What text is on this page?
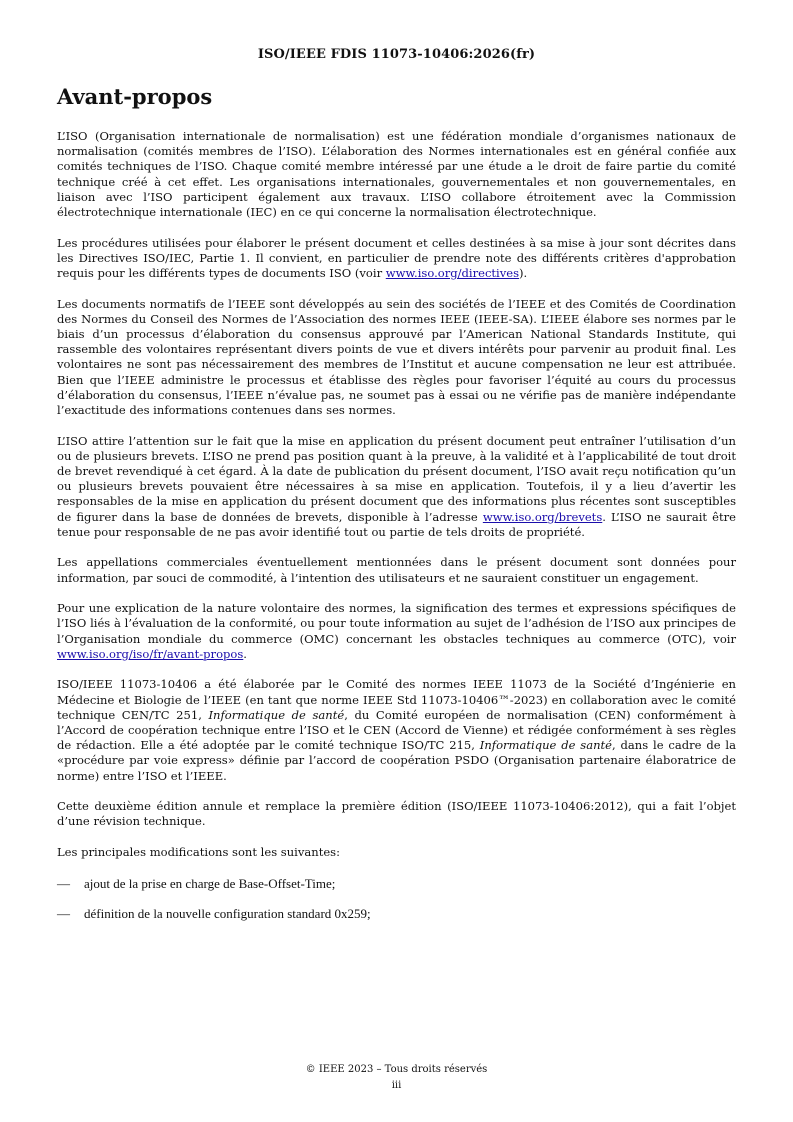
ISO/IEEE FDIS 11073-10406:2026(fr)
Avant-propos

L’ISO (Organisation internationale de normalisation) est une fédération mondiale d’organismes nationaux de normalisation (comités membres de l’ISO). L’élaboration des Normes internationales est en général confiée aux comités techniques de l’ISO. Chaque comité membre intéressé par une étude a le droit de faire partie du comité technique créé à cet effet. Les organisations internationales, gouvernementales et non gouvernementales, en liaison avec l’ISO participent également aux travaux. L’ISO collabore étroitement avec la Commission électrotechnique internationale (IEC) en ce qui concerne la normalisation électrotechnique.

Les procédures utilisées pour élaborer le présent document et celles destinées à sa mise à jour sont décrites dans les Directives ISO/IEC, Partie 1. Il convient, en particulier de prendre note des différents critères d'approbation requis pour les différents types de documents ISO (voir www.iso.org/directives).

Les documents normatifs de l’IEEE sont développés au sein des sociétés de l’IEEE et des Comités de Coordination des Normes du Conseil des Normes de l’Association des normes IEEE (IEEE-SA). L’IEEE élabore ses normes par le biais d’un processus d’élaboration du consensus approuvé par l’American National Standards Institute, qui rassemble des volontaires représentant divers points de vue et divers intérêts pour parvenir au produit final. Les volontaires ne sont pas nécessairement des membres de l’Institut et aucune compensation ne leur est attribuée. Bien que l’IEEE administre le processus et établisse des règles pour favoriser l’équité au cours du processus d’élaboration du consensus, l’IEEE n’évalue pas, ne soumet pas à essai ou ne vérifie pas de manière indépendante l’exactitude des informations contenues dans ses normes.

L’ISO attire l’attention sur le fait que la mise en application du présent document peut entraîner l’utilisation d’un ou de plusieurs brevets. L’ISO ne prend pas position quant à la preuve, à la validité et à l’applicabilité de tout droit de brevet revendiqué à cet égard. À la date de publication du présent document, l’ISO avait reçu notification qu’un ou plusieurs brevets pouvaient être nécessaires à sa mise en application. Toutefois, il y a lieu d’avertir les responsables de la mise en application du présent document que des informations plus récentes sont susceptibles de figurer dans la base de données de brevets, disponible à l’adresse www.iso.org/brevets. L’ISO ne saurait être tenue pour responsable de ne pas avoir identifié tout ou partie de tels droits de propriété.

Les appellations commerciales éventuellement mentionnées dans le présent document sont données pour information, par souci de commodité, à l’intention des utilisateurs et ne sauraient constituer un engagement.

Pour une explication de la nature volontaire des normes, la signification des termes et expressions spécifiques de l’ISO liés à l’évaluation de la conformité, ou pour toute information au sujet de l’adhésion de l’ISO aux principes de l’Organisation mondiale du commerce (OMC) concernant les obstacles techniques au commerce (OTC), voir www.iso.org/iso/fr/avant-propos.

ISO/IEEE 11073-10406 a été élaborée par le Comité des normes IEEE 11073 de la Société d’Ingénierie en Médecine et Biologie de l’IEEE (en tant que norme IEEE Std 11073-10406™-2023) en collaboration avec le comité technique CEN/TC 251, Informatique de santé, du Comité européen de normalisation (CEN) conformément à l’Accord de coopération technique entre l’ISO et le CEN (Accord de Vienne) et rédigée conformément à ses règles de rédaction. Elle a été adoptée par le comité technique ISO/TC 215, Informatique de santé, dans le cadre de la «procédure par voie express» définie par l’accord de coopération PSDO (Organisation partenaire élaboratrice de norme) entre l’ISO et l’IEEE.

Cette deuxième édition annule et remplace la première édition (ISO/IEEE 11073-10406:2012), qui a fait l’objet d’une révision technique.

Les principales modifications sont les suivantes:

—	ajout de la prise en charge de Base-Offset-Time;
—	définition de la nouvelle configuration standard 0x259;
© IEEE 2023 – Tous droits réservés
iii
